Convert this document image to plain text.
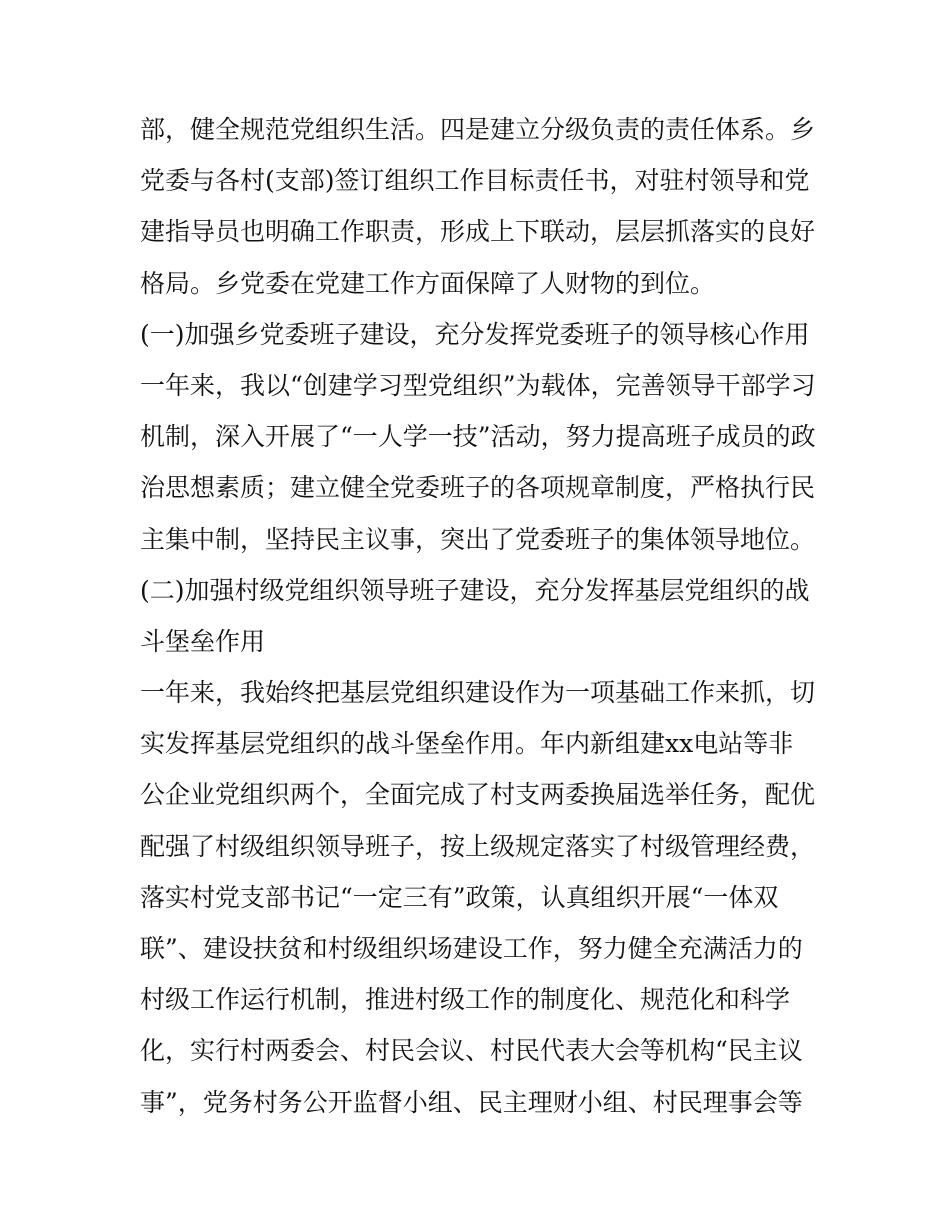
部，健全规范党组织生活。四是建立分级负责的责任体系。乡
党委与各村(支部)签订组织工作目标责任书，对驻村领导和党
建指导员也明确工作职责，形成上下联动，层层抓落实的良好
格局。乡党委在党建工作方面保障了人财物的到位。
(一)加强乡党委班子建设，充分发挥党委班子的领导核心作用
一年来，我以“创建学习型党组织”为载体，完善领导干部学习
机制，深入开展了“一人学一技”活动，努力提高班子成员的政
治思想素质；建立健全党委班子的各项规章制度，严格执行民
主集中制，坚持民主议事，突出了党委班子的集体领导地位。
(二)加强村级党组织领导班子建设，充分发挥基层党组织的战
斗堡垒作用
一年来，我始终把基层党组织建设作为一项基础工作来抓，切
实发挥基层党组织的战斗堡垒作用。年内新组建xx电站等非
公企业党组织两个，全面完成了村支两委换届选举任务，配优
配强了村级组织领导班子，按上级规定落实了村级管理经费，
落实村党支部书记“一定三有”政策，认真组织开展“一体双
联”、建设扶贫和村级组织场建设工作，努力健全充满活力的
村级工作运行机制，推进村级工作的制度化、规范化和科学
化，实行村两委会、村民会议、村民代表大会等机构“民主议
事”，党务村务公开监督小组、民主理财小组、村民理事会等
